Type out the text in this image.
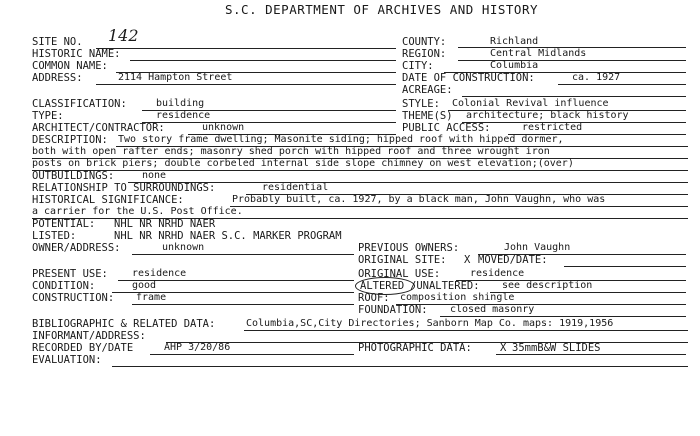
S.C. DEPARTMENT OF ARCHIVES AND HISTORY
SITE NO. 142	COUNTY:	Richland
HISTORIC NAME:	REGION:	Central Midlands
COMMON NAME:	CITY:	Columbia
ADDRESS:	2114 Hampton Street	DATE OF CONSTRUCTION:	ca. 1927
ACREAGE:
CLASSIFICATION:	building	STYLE: Colonial Revival influence
TYPE:	residence	THEME(S) architecture; black history
ARCHITECT/CONTRACTOR:	unknown	PUBLIC ACCESS:	restricted
DESCRIPTION: Two story frame dwelling; Masonite siding; hipped roof with hipped dormer,
both with open rafter ends; masonry shed porch with hipped roof and three wrought iron
posts on brick piers; double corbeled internal side slope chimney on west elevation;(over)
OUTBUILDINGS:	none
RELATIONSHIP TO SURROUNDINGS:	residential
HISTORICAL SIGNIFICANCE:	Probably built, ca. 1927, by a black man, John Vaughn, who was
a carrier for the U.S. Post Office.
POTENTIAL: NHL NR NRHD NAER
LISTED:	NHL NR NRHD NAER S.C. MARKER PROGRAM
OWNER/ADDRESS:	unknown	PREVIOUS OWNERS:	John Vaughn
ORIGINAL SITE: X MOVED/DATE:
PRESENT USE: residence	ORIGINAL USE:	residence
CONDITION:	good	ALTERED /UNALTERED: see description
CONSTRUCTION: frame	ROOF: composition shingle
FOUNDATION: closed masonry
BIBLIOGRAPHIC & RELATED DATA:	Columbia,SC,City Directories; Sanborn Map Co. maps: 1919,1956
INFORMANT/ADDRESS:
RECORDED BY/DATE	AHP 3/20/86	PHOTOGRAPHIC DATA:	X 35mmB&W SLIDES
EVALUATION:
